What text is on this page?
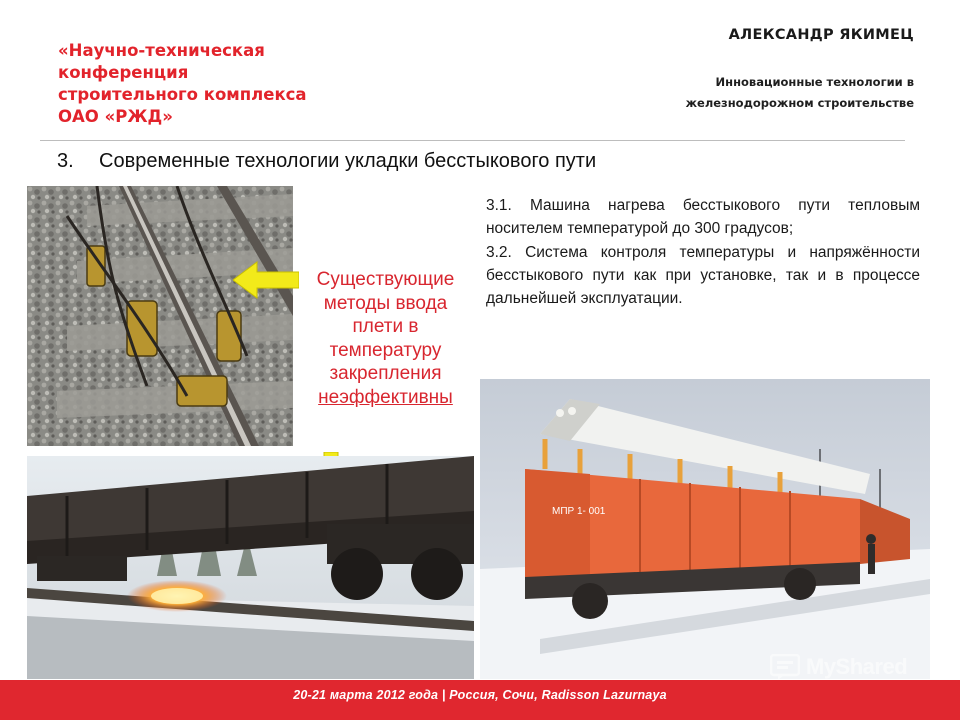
«Научно-техническая
конференция
строительного комплекса
ОАО «РЖД»
АЛЕКСАНДР ЯКИМЕЦ
Инновационные технологии в
железнодорожном строительстве
3. Современные технологии укладки бесстыкового пути
Существующие
методы ввода
плети в
температуру
закрепления
неэффективны

3.1. Машина нагрева бесстыкового пути тепловым носителем температурой до 300 градусов;

3.2. Система контроля температуры и напряжённости бесстыкового пути как при установке, так и в процессе дальнейшей эксплуатации.

МПР 1- 001
MyShared
20-21 марта 2012 года | Россия, Сочи, Radisson Lazurnaya
